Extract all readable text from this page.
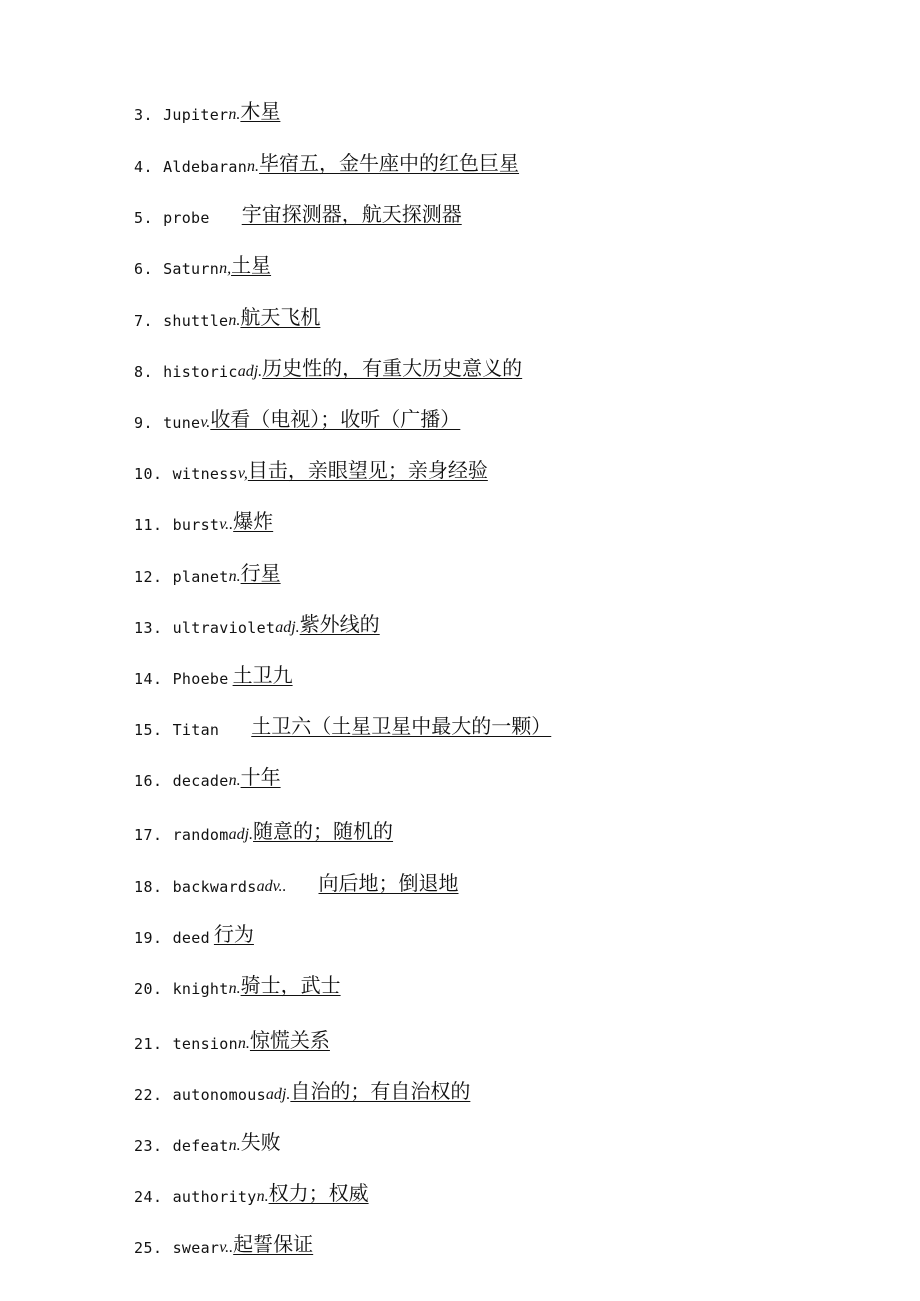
3. Jupiter n. 木星
4. Aldebaran n. 毕宿五，金牛座中的红色巨星
5. probe 宇宙探测器，航天探测器
6. Saturn n, 土星
7. shuttle n. 航天飞机
8. historic adj. 历史性的，有重大历史意义的
9. tune v. 收看（电视）；收听（广播）
10. witness v, 目击，亲眼望见；亲身经验
11. burst v.. 爆炸
12. planet n. 行星
13. ultraviolet adj. 紫外线的
14. Phoebe 土卫九
15. Titan 土卫六（土星卫星中最大的一颗）
16. decade n. 十年
17. random adj. 随意的；随机的
18. backwards adv.. 向后地；倒退地
19. deed 行为
20. knight n. 骑士，武士
21. tension n. 惊慌关系
22. autonomous adj. 自治的；有自治权的
23. defeat n. 失败
24. authority n. 权力；权威
25. swear v.. 起誓保证
